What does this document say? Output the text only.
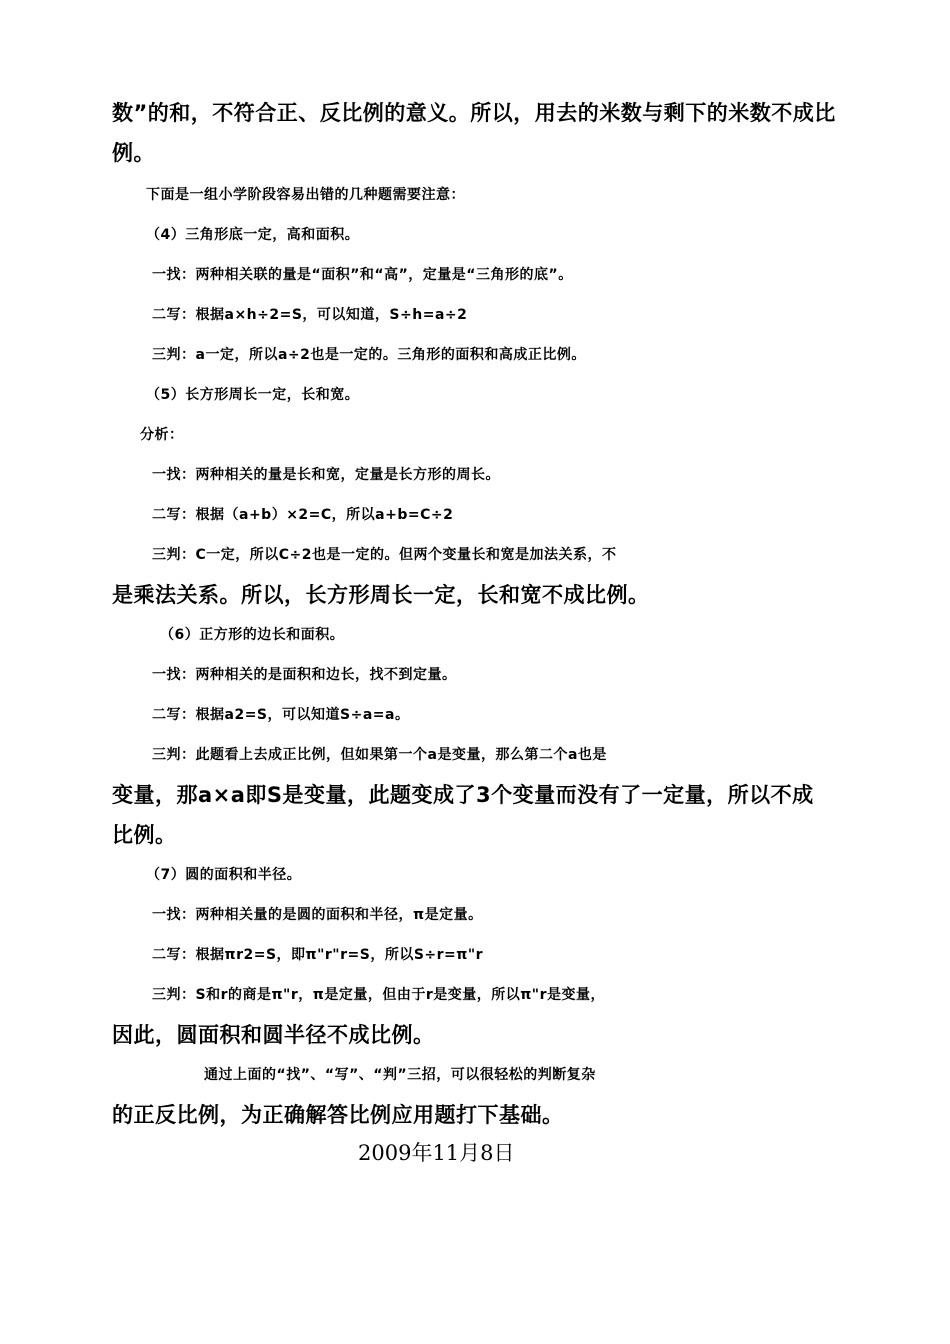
数”的和，不符合正、反比例的意义。所以，用去的米数与剩下的米数不成比
例。
下面是一组小学阶段容易出错的几种题需要注意：
（4）三角形底一定，高和面积。
一找：两种相关联的量是“面积”和“高”，定量是“三角形的底”。
二写：根据a×h÷2=S，可以知道，S÷h=a÷2
三判：a一定，所以a÷2也是一定的。三角形的面积和高成正比例。
（5）长方形周长一定，长和宽。
分析：
一找：两种相关的量是长和宽，定量是长方形的周长。
二写：根据（a+b）×2=C，所以a+b=C÷2
三判：C一定，所以C÷2也是一定的。但两个变量长和宽是加法关系，不
是乘法关系。所以，长方形周长一定，长和宽不成比例。
（6）正方形的边长和面积。
一找：两种相关的是面积和边长，找不到定量。
二写：根据a2=S，可以知道S÷a=a。
三判：此题看上去成正比例，但如果第一个a是变量，那么第二个a也是
变量，那a×a即S是变量，此题变成了3个变量而没有了一定量，所以不成
比例。
（7）圆的面积和半径。
一找：两种相关量的是圆的面积和半径，π是定量。
二写：根据πr2=S，即π"r"r=S，所以S÷r=π"r
三判：S和r的商是π"r，π是定量，但由于r是变量，所以π"r是变量，
因此，圆面积和圆半径不成比例。
通过上面的“找”、“写”、“判”三招，可以很轻松的判断复杂
的正反比例，为正确解答比例应用题打下基础。
2009年11月8日
